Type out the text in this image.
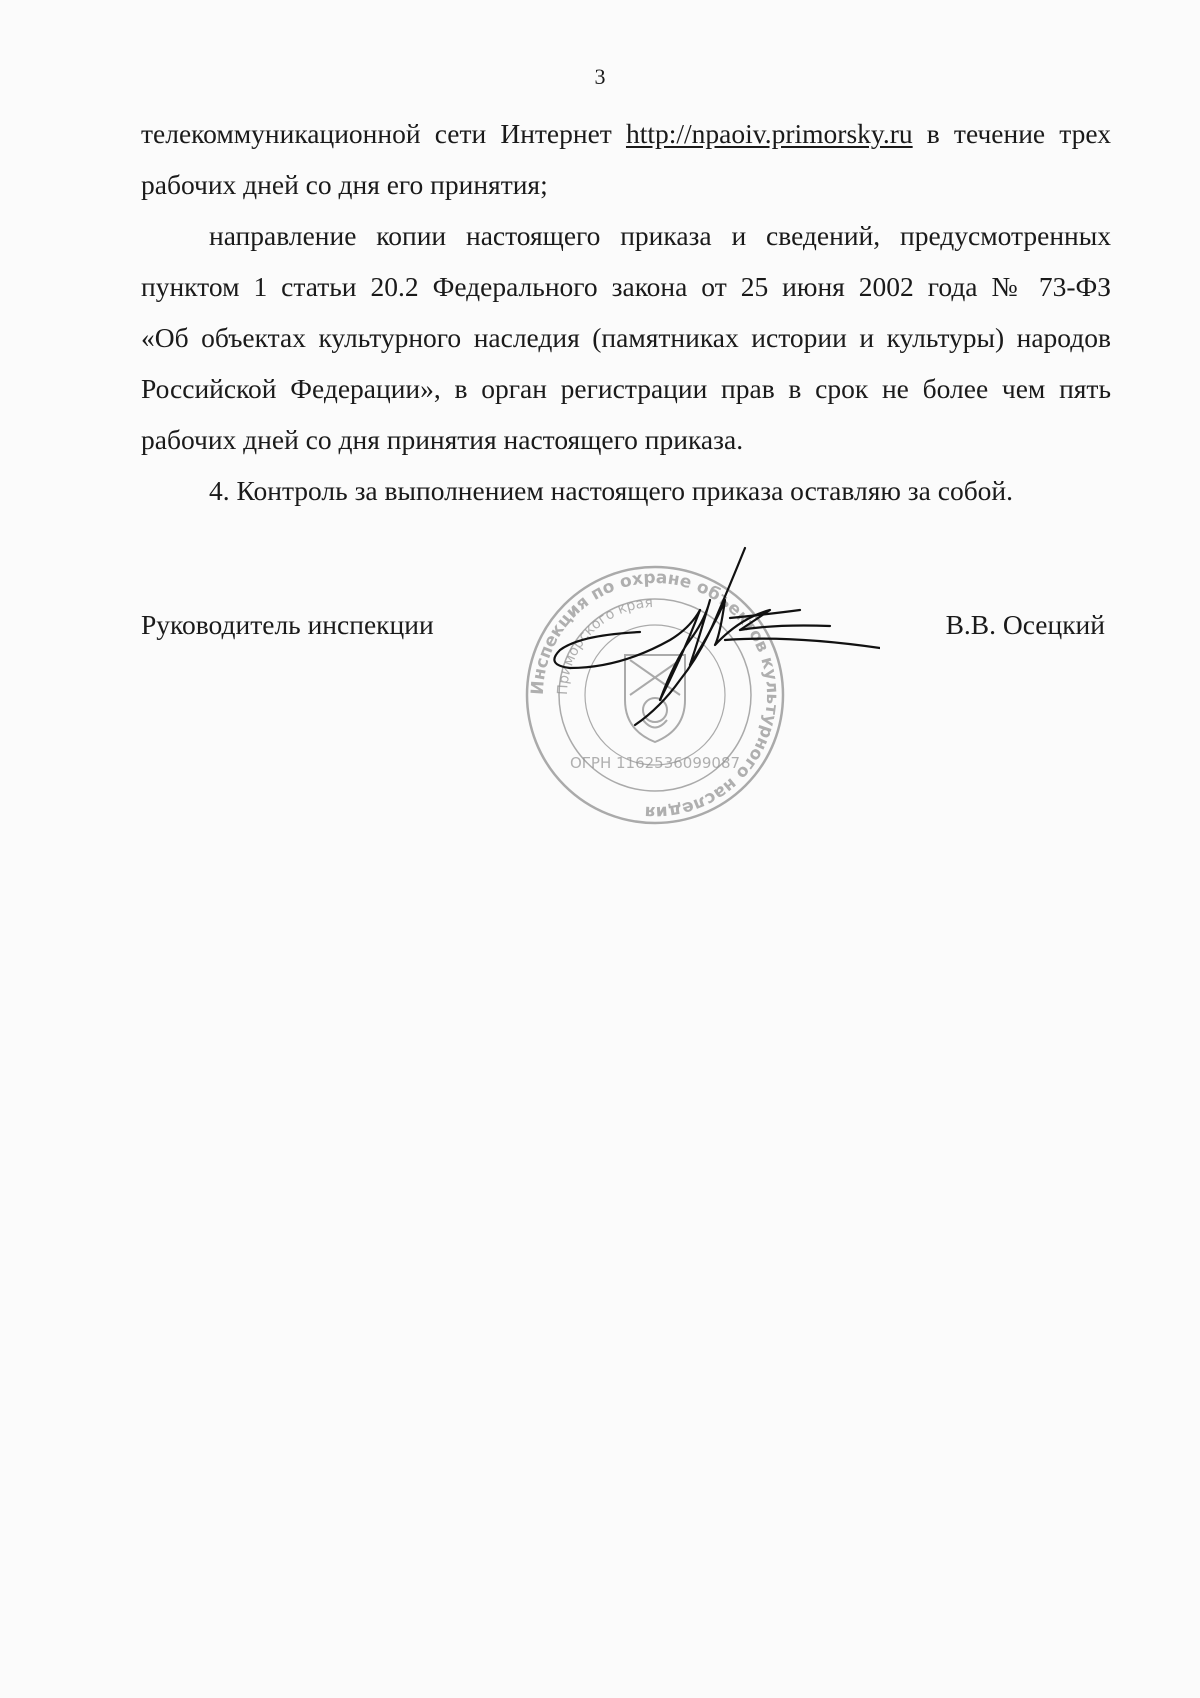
3

телекоммуникационной сети Интернет http://npaoiv.primorsky.ru в течение трех
рабочих дней со дня его принятия;

направление копии настоящего приказа и сведений, предусмотренных
пунктом 1 статьи 20.2 Федерального закона от 25 июня 2002 года № 73-ФЗ
«Об объектах культурного наследия (памятниках истории и культуры) народов
Российской Федерации», в орган регистрации прав в срок не более чем пять
рабочих дней со дня принятия настоящего приказа.

4. Контроль за выполнением настоящего приказа оставляю за собой.

Инспекция по охране объектов культурного наследия
Приморского края
ОГРН 1162536099087
Руководитель инспекции	В.В. Осецкий
